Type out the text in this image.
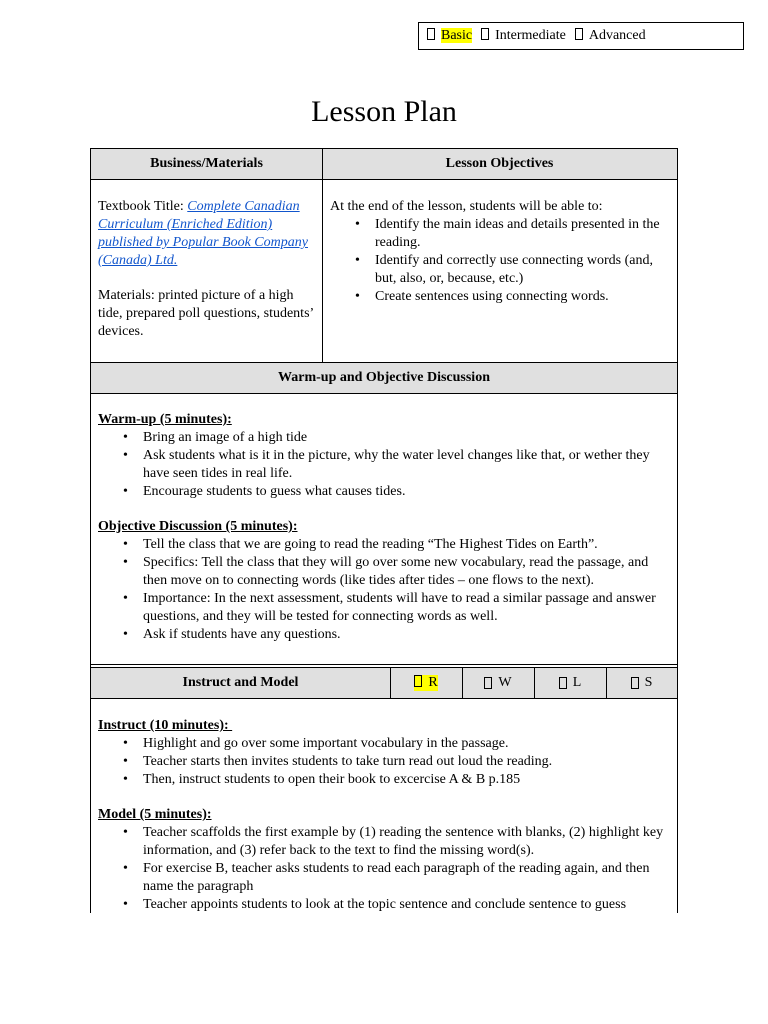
Basic	Intermediate	Advanced
Lesson Plan
Business/Materials	Lesson Objectives
Textbook Title: Complete Canadian Curriculum (Enriched Edition) published by Popular Book Company (Canada) Ltd.
Materials: printed picture of a high tide, prepared poll questions, students’ devices.
At the end of the lesson, students will be able to:
• Identify the main ideas and details presented in the reading.
• Identify and correctly use connecting words (and, but, also, or, because, etc.)
• Create sentences using connecting words.
Warm-up and Objective Discussion
Warm-up (5 minutes):
• Bring an image of a high tide
• Ask students what is it in the picture, why the water level changes like that, or wether they have seen tides in real life.
• Encourage students to guess what causes tides.
Objective Discussion (5 minutes):
• Tell the class that we are going to read the reading “The Highest Tides on Earth”.
• Specifics: Tell the class that they will go over some new vocabulary, read the passage, and then move on to connecting words (like tides after tides – one flows to the next).
• Importance: In the next assessment, students will have to read a similar passage and answer questions, and they will be tested for connecting words as well.
• Ask if students have any questions.
Instruct and Model	R	W	L	S
Instruct (10 minutes):
• Highlight and go over some important vocabulary in the passage.
• Teacher starts then invites students to take turn read out loud the reading.
• Then, instruct students to open their book to excercise A & B p.185
Model (5 minutes):
• Teacher scaffolds the first example by (1) reading the sentence with blanks, (2) highlight key information, and (3) refer back to the text to find the missing word(s).
• For exercise B, teacher asks students to read each paragraph of the reading again, and then name the paragraph
• Teacher appoints students to look at the topic sentence and conclude sentence to guess
